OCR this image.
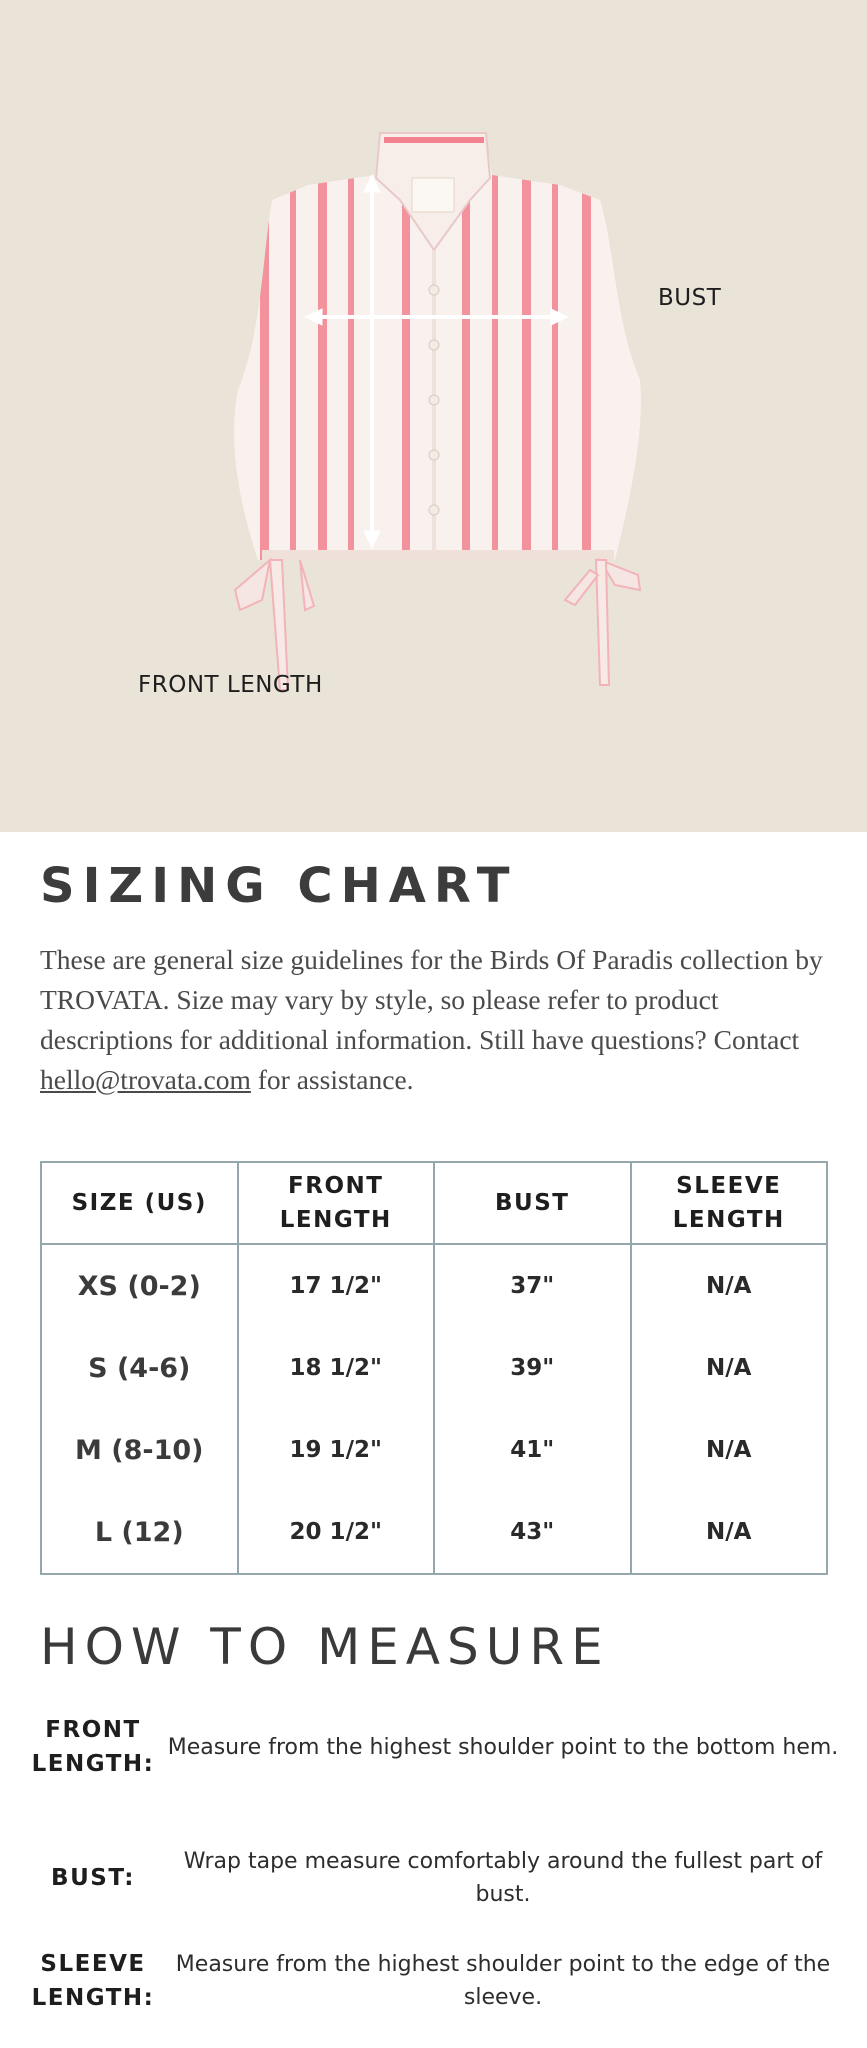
BUST
FRONT LENGTH
SIZING CHART

These are general size guidelines for the Birds Of Paradis collection by TROVATA. Size may vary by style, so please refer to product descriptions for additional information. Still have questions? Contact hello@trovata.com for assistance.

SIZE (US)	FRONT LENGTH	BUST	SLEEVE LENGTH
XS (0-2)	17 1/2"	37"	N/A
S (4-6)	18 1/2"	39"	N/A
M (8-10)	19 1/2"	41"	N/A
L (12)	20 1/2"	43"	N/A
HOW TO MEASURE
FRONT LENGTH:
Measure from the highest shoulder point to the bottom hem.
BUST:
Wrap tape measure comfortably around the fullest part of bust.
SLEEVE LENGTH:
Measure from the highest shoulder point to the edge of the sleeve.
